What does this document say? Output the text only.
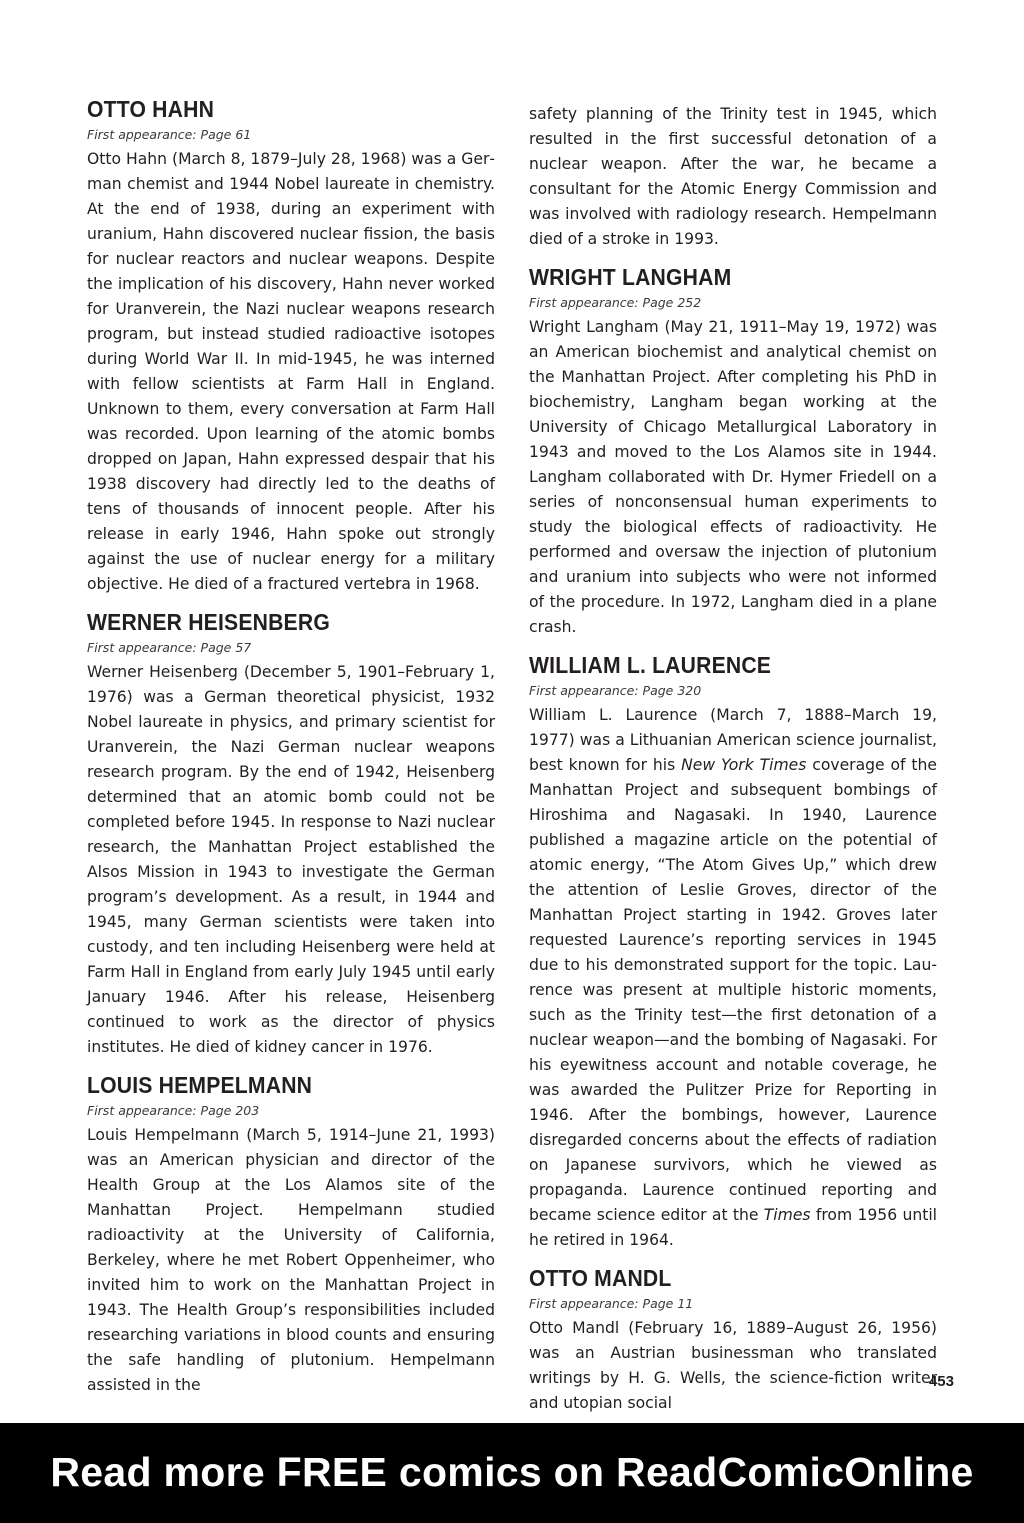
OTTO HAHN
First appearance: Page 61

Otto Hahn (March 8, 1879–July 28, 1968) was a German chemist and 1944 Nobel laureate in chemistry. At the end of 1938, during an experiment with uranium, Hahn discovered nuclear fission, the basis for nuclear reactors and nuclear weapons. Despite the implication of his discovery, Hahn never worked for Uranverein, the Nazi nuclear weapons research program, but instead studied radioactive isotopes during World War II. In mid-1945, he was interned with fellow scientists at Farm Hall in England. Unknown to them, every conversation at Farm Hall was recorded. Upon learning of the atomic bombs dropped on Japan, Hahn expressed despair that his 1938 discovery had directly led to the deaths of tens of thousands of innocent people. After his release in early 1946, Hahn spoke out strongly against the use of nuclear energy for a military objective. He died of a fractured vertebra in 1968.

WERNER HEISENBERG
First appearance: Page 57

Werner Heisenberg (December 5, 1901–February 1, 1976) was a German theoretical physicist, 1932 Nobel laureate in physics, and primary scientist for Uranverein, the Nazi German nuclear weapons research program. By the end of 1942, Heisenberg determined that an atomic bomb could not be completed before 1945. In response to Nazi nuclear research, the Manhattan Project established the Alsos Mission in 1943 to investigate the German program’s development. As a result, in 1944 and 1945, many German scientists were taken into custody, and ten including Heisenberg were held at Farm Hall in England from early July 1945 until early January 1946. After his release, Heisenberg continued to work as the director of physics institutes. He died of kidney cancer in 1976.

LOUIS HEMPELMANN
First appearance: Page 203

Louis Hempelmann (March 5, 1914–June 21, 1993) was an American physician and director of the Health Group at the Los Alamos site of the Manhattan Project. Hempelmann studied radioactivity at the University of California, Berkeley, where he met Robert Oppenheimer, who invited him to work on the Manhattan Project in 1943. The Health Group’s responsibilities included researching variations in blood counts and ensuring the safe handling of plutonium. Hempelmann assisted in the

safety planning of the Trinity test in 1945, which resulted in the first successful detonation of a nuclear weapon. After the war, he became a consultant for the Atomic Energy Commission and was involved with radiology research. Hempelmann died of a stroke in 1993.

WRIGHT LANGHAM
First appearance: Page 252

Wright Langham (May 21, 1911–May 19, 1972) was an American biochemist and analytical chemist on the Manhattan Project. After completing his PhD in biochemistry, Langham began working at the University of Chicago Metallurgical Laboratory in 1943 and moved to the Los Alamos site in 1944. Langham collaborated with Dr. Hymer Friedell on a series of nonconsensual human experiments to study the biological effects of radioactivity. He performed and oversaw the injection of plutonium and uranium into subjects who were not informed of the procedure. In 1972, Langham died in a plane crash.

WILLIAM L. LAURENCE
First appearance: Page 320

William L. Laurence (March 7, 1888–March 19, 1977) was a Lithuanian American science journalist, best known for his New York Times coverage of the Manhattan Project and subsequent bombings of Hiroshima and Nagasaki. In 1940, Laurence published a magazine article on the potential of atomic energy, “The Atom Gives Up,” which drew the attention of Leslie Groves, director of the Manhattan Project starting in 1942. Groves later requested Laurence’s reporting services in 1945 due to his demonstrated support for the topic. Laurence was present at multiple historic moments, such as the Trinity test—the first detonation of a nuclear weapon—and the bombing of Nagasaki. For his eyewitness account and notable coverage, he was awarded the Pulitzer Prize for Reporting in 1946. After the bombings, however, Laurence disregarded concerns about the effects of radiation on Japanese survivors, which he viewed as propaganda. Laurence continued reporting and became science editor at the Times from 1956 until he retired in 1964.

OTTO MANDL
First appearance: Page 11

Otto Mandl (February 16, 1889–August 26, 1956) was an Austrian businessman who translated writings by H. G. Wells, the science-fiction writer and utopian social

453
Read more FREE comics on ReadComicOnline
